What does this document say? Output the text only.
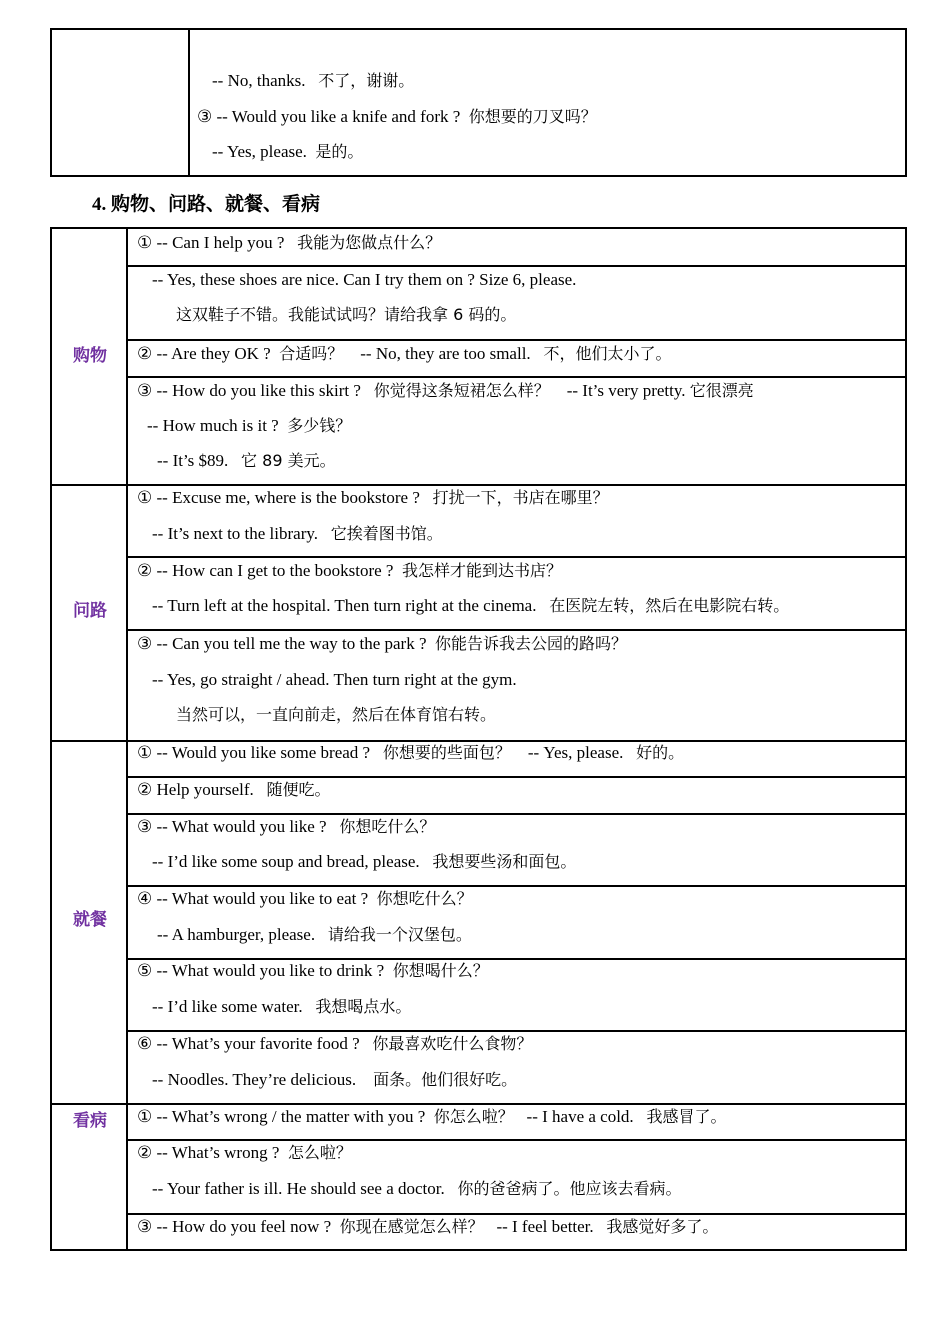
-- No, thanks. 不了，谢谢。
③ -- Would you like a knife and fork ? 你想要的刀叉吗？
-- Yes, please. 是的。
4. 购物、问路、就餐、看病
购物
问路
就餐
看病
① -- Can I help you ? 我能为您做点什么？
-- Yes, these shoes are nice. Can I try them on ? Size 6, please.
这双鞋子不错。我能试试吗？请给我拿 6 码的。
② -- Are they OK ? 合适吗？ -- No, they are too small. 不，他们太小了。
③ -- How do you like this skirt ? 你觉得这条短裙怎么样？ -- It’s very pretty. 它很漂亮
-- How much is it ? 多少钱？
-- It’s $89. 它 89 美元。
① -- Excuse me, where is the bookstore ? 打扰一下，书店在哪里？
-- It’s next to the library. 它挨着图书馆。
② -- How can I get to the bookstore ? 我怎样才能到达书店？
-- Turn left at the hospital. Then turn right at the cinema. 在医院左转，然后在电影院右转。
③ -- Can you tell me the way to the park ? 你能告诉我去公园的路吗？
-- Yes, go straight / ahead. Then turn right at the gym.
当然可以，一直向前走，然后在体育馆右转。
① -- Would you like some bread ? 你想要的些面包？ -- Yes, please. 好的。
② Help yourself. 随便吃。
③ -- What would you like ? 你想吃什么？
-- I’d like some soup and bread, please. 我想要些汤和面包。
④ -- What would you like to eat ? 你想吃什么？
-- A hamburger, please. 请给我一个汉堡包。
⑤ -- What would you like to drink ? 你想喝什么？
-- I’d like some water. 我想喝点水。
⑥ -- What’s your favorite food ? 你最喜欢吃什么食物？
-- Noodles. They’re delicious. 面条。他们很好吃。
① -- What’s wrong / the matter with you ? 你怎么啦？ -- I have a cold. 我感冒了。
② -- What’s wrong ? 怎么啦？
-- Your father is ill. He should see a doctor. 你的爸爸病了。他应该去看病。
③ -- How do you feel now ? 你现在感觉怎么样？ -- I feel better. 我感觉好多了。
